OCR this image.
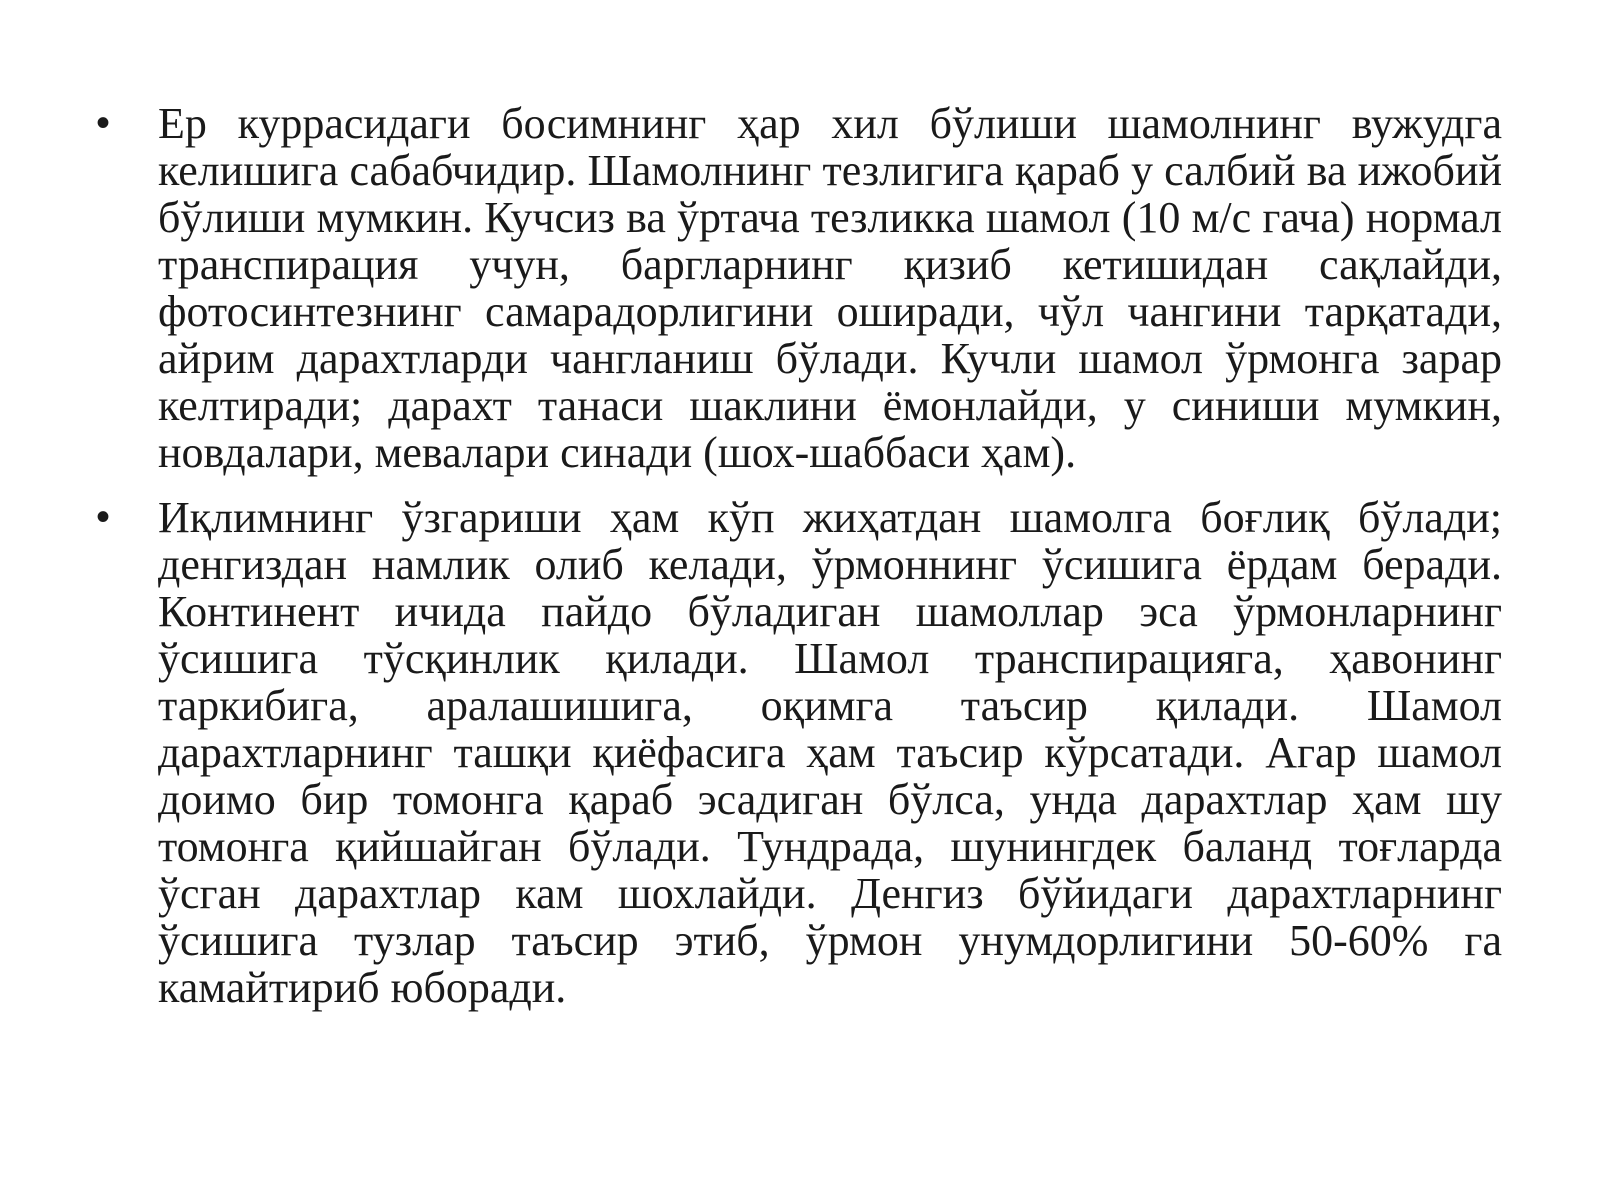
• Ер куррасидаги босимнинг ҳар хил бўлиши шамолнинг вужудга келишига сабабчидир. Шамолнинг тезлигига қараб у салбий ва ижобий бўлиши мумкин. Кучсиз ва ўртача тезликка шамол (10 м/с гача) нормал транспирация учун, баргларнинг қизиб кетишидан сақлайди, фотосинтезнинг самарадорлигини оширади, чўл чангини тарқатади, айрим дарахтларди чангланиш бўлади. Кучли шамол ўрмонга зарар келтиради; дарахт танаси шаклини ёмонлайди, у синиши мумкин, новдалари, мевалари синади (шох-шаббаси ҳам).
• Иқлимнинг ўзгариши ҳам кўп жиҳатдан шамолга боғлиқ бўлади; денгиздан намлик олиб келади, ўрмоннинг ўсишига ёрдам беради. Континент ичида пайдо бўладиган шамоллар эса ўрмонларнинг ўсишига тўсқинлик қилади. Шамол транспирацияга, ҳавонинг таркибига, аралашишига, оқимга таъсир қилади. Шамол дарахтларнинг ташқи қиёфасига ҳам таъсир кўрсатади. Агар шамол доимо бир томонга қараб эсадиган бўлса, унда дарахтлар ҳам шу томонга қийшайган бўлади. Тундрада, шунингдек баланд тоғларда ўсган дарахтлар кам шохлайди. Денгиз бўйидаги дарахтларнинг ўсишига тузлар таъсир этиб, ўрмон унумдорлигини 50-60% га камайтириб юборади.
